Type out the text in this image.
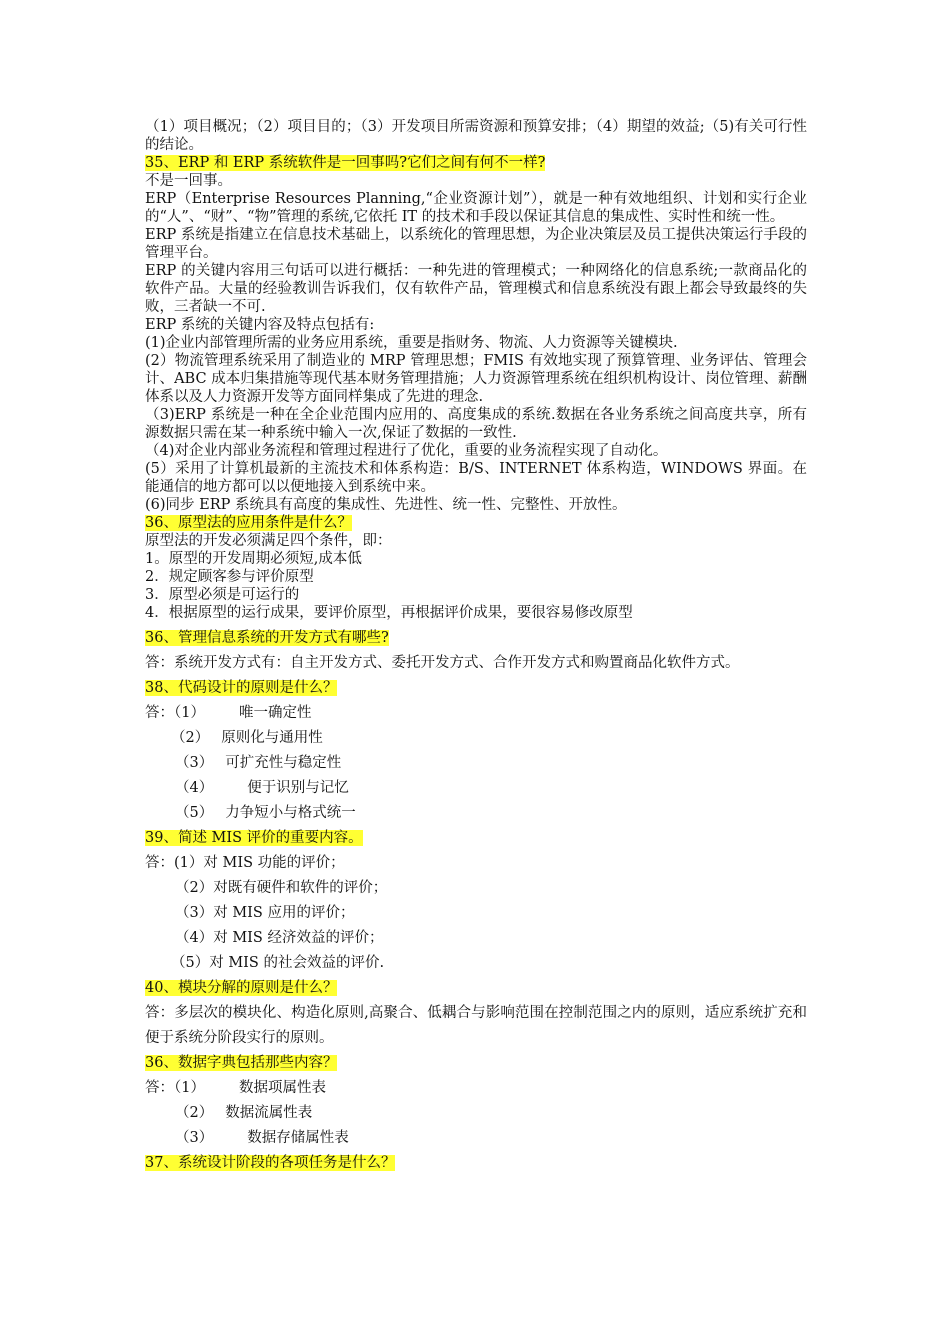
（1）项目概况；（2）项目目的；（3）开发项目所需资源和预算安排；（4）期望的效益;（5)有关可行性的结论。

35、ERP 和 ERP 系统软件是一回事吗?它们之间有何不一样?

不是一回事。

ERP（Enterprise Resources Planning,“企业资源计划”），就是一种有效地组织、计划和实行企业的“人”、“财”、“物”管理的系统,它依托 IT 的技术和手段以保证其信息的集成性、实时性和统一性。

ERP 系统是指建立在信息技术基础上，以系统化的管理思想，为企业决策层及员工提供决策运行手段的管理平台。

ERP 的关键内容用三句话可以进行概括：一种先进的管理模式；一种网络化的信息系统;一款商品化的软件产品。大量的经验教训告诉我们，仅有软件产品，管理模式和信息系统没有跟上都会导致最终的失败，三者缺一不可.

ERP 系统的关键内容及特点包括有:

(1)企业内部管理所需的业务应用系统，重要是指财务、物流、人力资源等关键模块.

(2）物流管理系统采用了制造业的 MRP 管理思想；FMIS 有效地实现了预算管理、业务评估、管理会计、ABC 成本归集措施等现代基本财务管理措施；人力资源管理系统在组织机构设计、岗位管理、薪酬体系以及人力资源开发等方面同样集成了先进的理念.

（3)ERP 系统是一种在全企业范围内应用的、高度集成的系统.数据在各业务系统之间高度共享，所有源数据只需在某一种系统中输入一次,保证了数据的一致性.

（4)对企业内部业务流程和管理过程进行了优化，重要的业务流程实现了自动化。

(5）采用了计算机最新的主流技术和体系构造：B/S、INTERNET 体系构造，WINDOWS 界面。在能通信的地方都可以以便地接入到系统中来。

(6)同步 ERP 系统具有高度的集成性、先进性、统一性、完整性、开放性。

36、原型法的应用条件是什么？

原型法的开发必须满足四个条件，即：

1。原型的开发周期必须短,成本低

2．规定顾客参与评价原型

3．原型必须是可运行的

4．根据原型的运行成果，要评价原型，再根据评价成果，要很容易修改原型

36、管理信息系统的开发方式有哪些?

答：系统开发方式有：自主开发方式、委托开发方式、合作开发方式和购置商品化软件方式。

38、代码设计的原则是什么？

答：（1） 唯一确定性

（2） 原则化与通用性

（3） 可扩充性与稳定性

（4） 便于识别与记忆

（5） 力争短小与格式统一

39、简述 MIS 评价的重要内容。

答：(1）对 MIS 功能的评价；

（2）对既有硬件和软件的评价；

（3）对 MIS 应用的评价；

（4）对 MIS 经济效益的评价；

（5）对 MIS 的社会效益的评价.

40、模块分解的原则是什么？

答：多层次的模块化、构造化原则,高聚合、低耦合与影响范围在控制范围之内的原则，适应系统扩充和便于系统分阶段实行的原则。

36、数据字典包括那些内容？

答：（1） 数据项属性表

（2） 数据流属性表

（3） 数据存储属性表

37、系统设计阶段的各项任务是什么？
